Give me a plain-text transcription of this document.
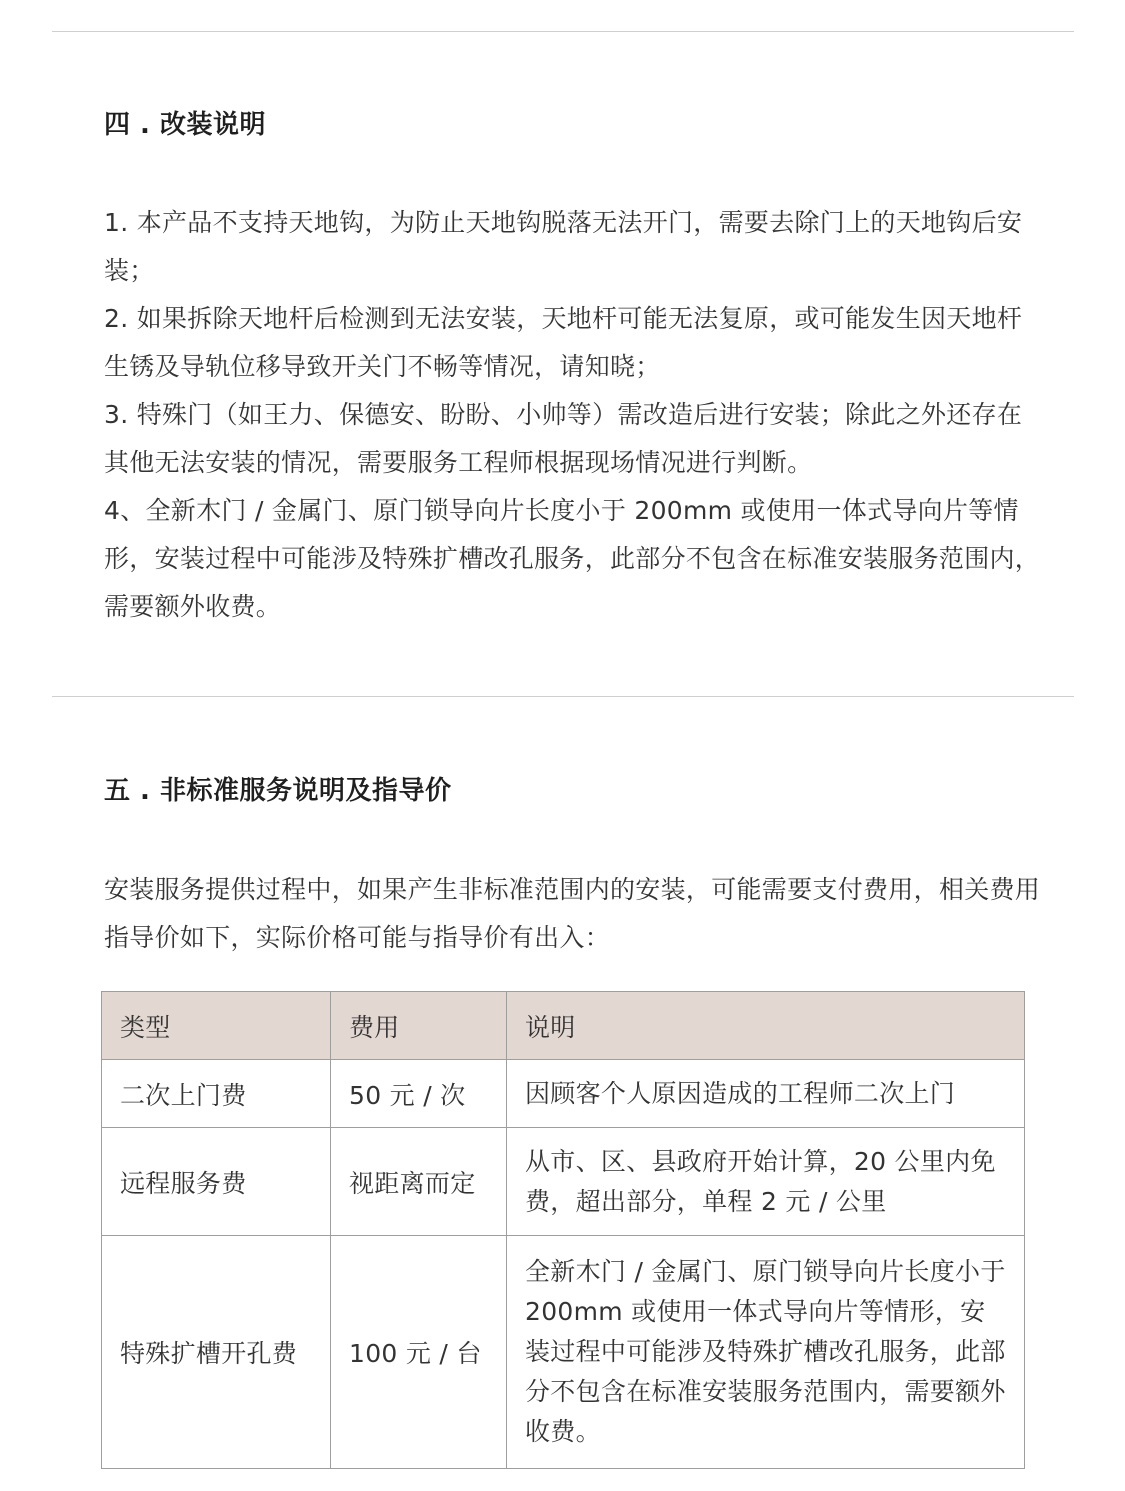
四 . 改装说明

1. 本产品不支持天地钩，为防止天地钩脱落无法开门，需要去除门上的天地钩后安装；

2. 如果拆除天地杆后检测到无法安装，天地杆可能无法复原，或可能发生因天地杆生锈及导轨位移导致开关门不畅等情况，请知晓；

3. 特殊门（如王力、保德安、盼盼、小帅等）需改造后进行安装；除此之外还存在其他无法安装的情况，需要服务工程师根据现场情况进行判断。

4、全新木门 / 金属门、原门锁导向片长度小于 200mm 或使用一体式导向片等情形，安装过程中可能涉及特殊扩槽改孔服务，此部分不包含在标准安装服务范围内，需要额外收费。

五 . 非标准服务说明及指导价

安装服务提供过程中，如果产生非标准范围内的安装，可能需要支付费用，相关费用指导价如下，实际价格可能与指导价有出入：

类型	费用	说明
二次上门费	50 元 / 次	因顾客个人原因造成的工程师二次上门
远程服务费	视距离而定	从市、区、县政府开始计算，20 公里内免费，超出部分，单程 2 元 / 公里
特殊扩槽开孔费	100 元 / 台	全新木门 / 金属门、原门锁导向片长度小于 200mm 或使用一体式导向片等情形，安装过程中可能涉及特殊扩槽改孔服务，此部分不包含在标准安装服务范围内，需要额外收费。
